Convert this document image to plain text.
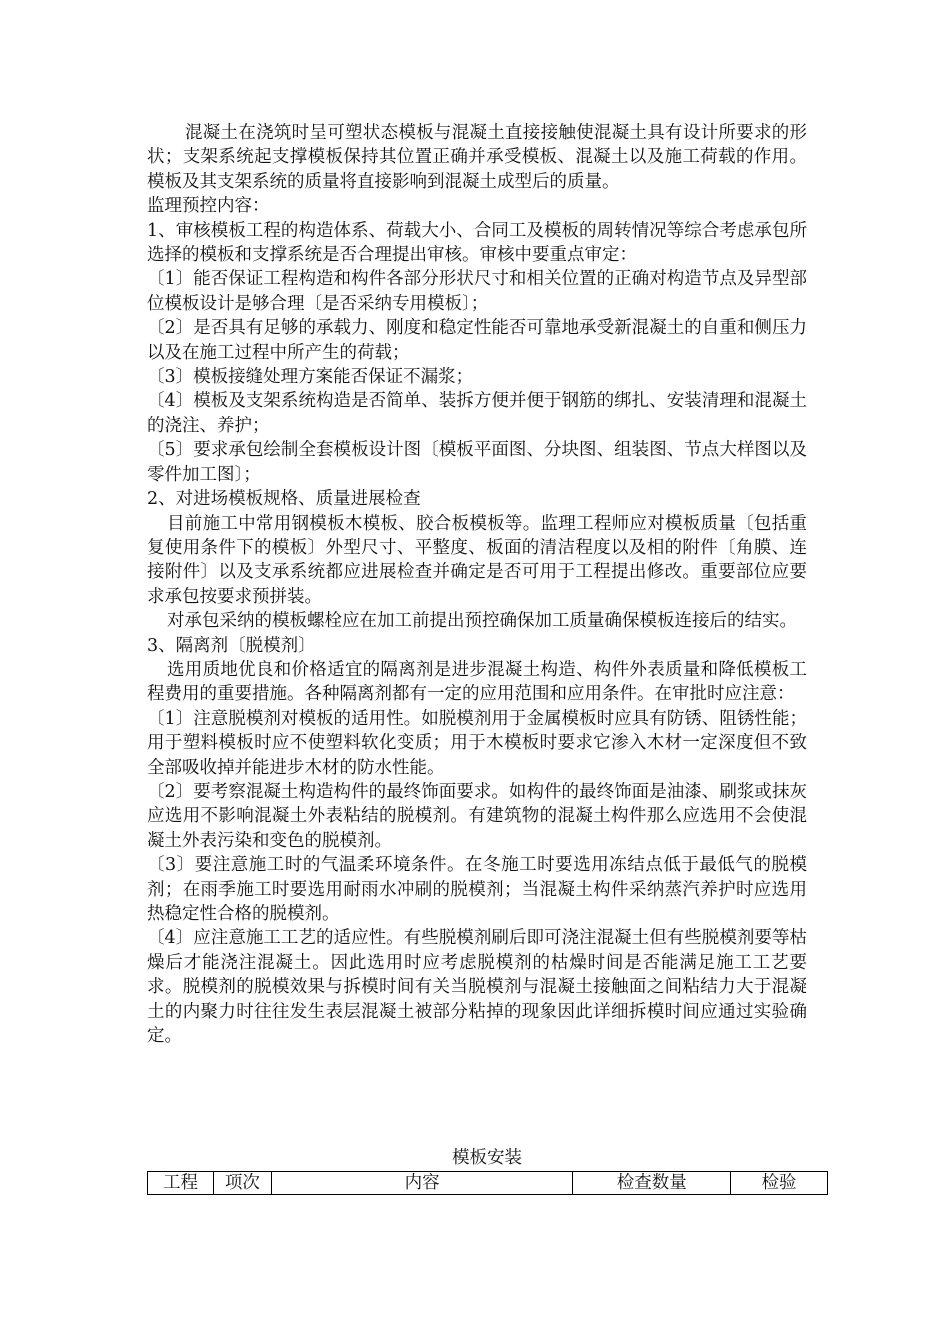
混凝土在浇筑时呈可塑状态模板与混凝土直接接触使混凝土具有设计所要求的形状；支架系统起支撑模板保持其位置正确并承受模板、混凝土以及施工荷载的作用。模板及其支架系统的质量将直接影响到混凝土成型后的质量。

监理预控内容：

1、审核模板工程的构造体系、荷载大小、合同工及模板的周转情况等综合考虑承包所选择的模板和支撑系统是否合理提出审核。审核中要重点审定：

〔1〕能否保证工程构造和构件各部分形状尺寸和相关位置的正确对构造节点及异型部位模板设计是够合理〔是否采纳专用模板〕；

〔2〕是否具有足够的承载力、刚度和稳定性能否可靠地承受新混凝土的自重和侧压力以及在施工过程中所产生的荷载；

〔3〕模板接缝处理方案能否保证不漏浆；

〔4〕模板及支架系统构造是否简单、装拆方便并便于钢筋的绑扎、安装清理和混凝土的浇注、养护；

〔5〕要求承包绘制全套模板设计图〔模板平面图、分块图、组装图、节点大样图以及零件加工图〕；

2、对进场模板规格、质量进展检查

目前施工中常用钢模板木模板、胶合板模板等。监理工程师应对模板质量〔包括重复使用条件下的模板〕外型尺寸、平整度、板面的清洁程度以及相的附件〔角膜、连接附件〕以及支承系统都应进展检查并确定是否可用于工程提出修改。重要部位应要求承包按要求预拼装。

对承包采纳的模板螺栓应在加工前提出预控确保加工质量确保模板连接后的结实。

3、隔离剂〔脱模剂〕

选用质地优良和价格适宜的隔离剂是进步混凝土构造、构件外表质量和降低模板工程费用的重要措施。各种隔离剂都有一定的应用范围和应用条件。在审批时应注意：

〔1〕注意脱模剂对模板的适用性。如脱模剂用于金属模板时应具有防锈、阻锈性能；用于塑料模板时应不使塑料软化变质；用于木模板时要求它渗入木材一定深度但不致全部吸收掉并能进步木材的防水性能。

〔2〕要考察混凝土构造构件的最终饰面要求。如构件的最终饰面是油漆、刷浆或抹灰应选用不影响混凝土外表粘结的脱模剂。有建筑物的混凝土构件那么应选用不会使混凝土外表污染和变色的脱模剂。

〔3〕要注意施工时的气温柔环境条件。在冬施工时要选用冻结点低于最低气的脱模剂；在雨季施工时要选用耐雨水冲刷的脱模剂；当混凝土构件采纳蒸汽养护时应选用热稳定性合格的脱模剂。

〔4〕应注意施工工艺的适应性。有些脱模剂刷后即可浇注混凝土但有些脱模剂要等枯燥后才能浇注混凝土。因此选用时应考虑脱模剂的枯燥时间是否能满足施工工艺要求。脱模剂的脱模效果与拆模时间有关当脱模剂与混凝土接触面之间粘结力大于混凝土的内聚力时往往发生表层混凝土被部分粘掉的现象因此详细拆模时间应通过实验确定。

模板安装
工程	项次	内容	检查数量	检验
